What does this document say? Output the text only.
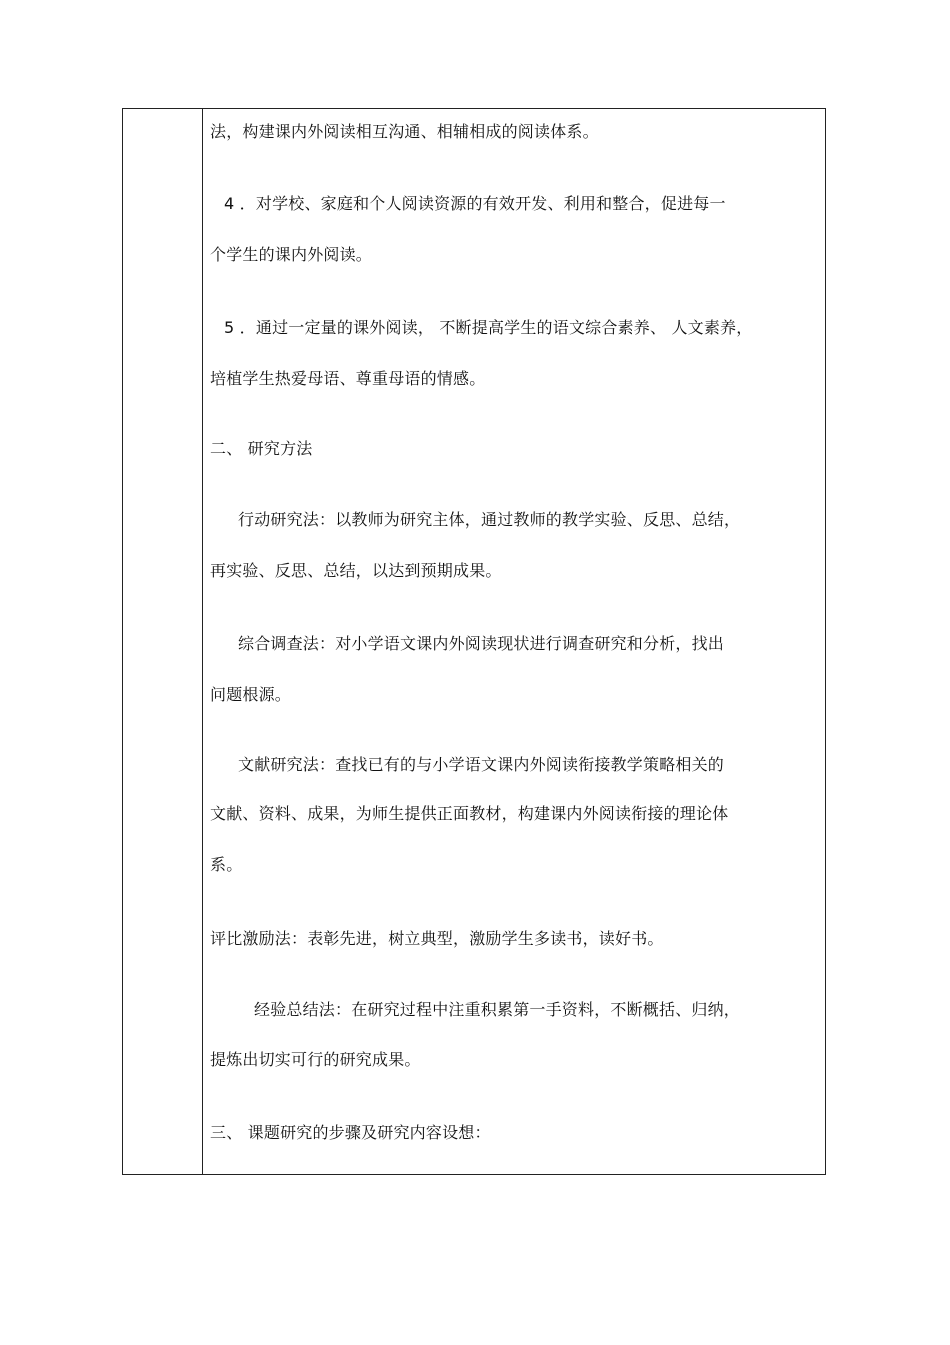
法，构建课内外阅读相互沟通、相辅相成的阅读体系。
4 ．对学校、家庭和个人阅读资源的有效开发、利用和整合，促进每一
个学生的课内外阅读。
5 ．通过一定量的课外阅读， 不断提高学生的语文综合素养、 人文素养，
培植学生热爱母语、尊重母语的情感。
二、 研究方法
行动研究法：以教师为研究主体，通过教师的教学实验、反思、总结，
再实验、反思、总结，以达到预期成果。
综合调查法：对小学语文课内外阅读现状进行调查研究和分析，找出
问题根源。
文献研究法：查找已有的与小学语文课内外阅读衔接教学策略相关的
文献、资料、成果，为师生提供正面教材，构建课内外阅读衔接的理论体
系。
评比激励法：表彰先进，树立典型，激励学生多读书，读好书。
经验总结法：在研究过程中注重积累第一手资料，不断概括、归纳，
提炼出切实可行的研究成果。
三、 课题研究的步骤及研究内容设想：
